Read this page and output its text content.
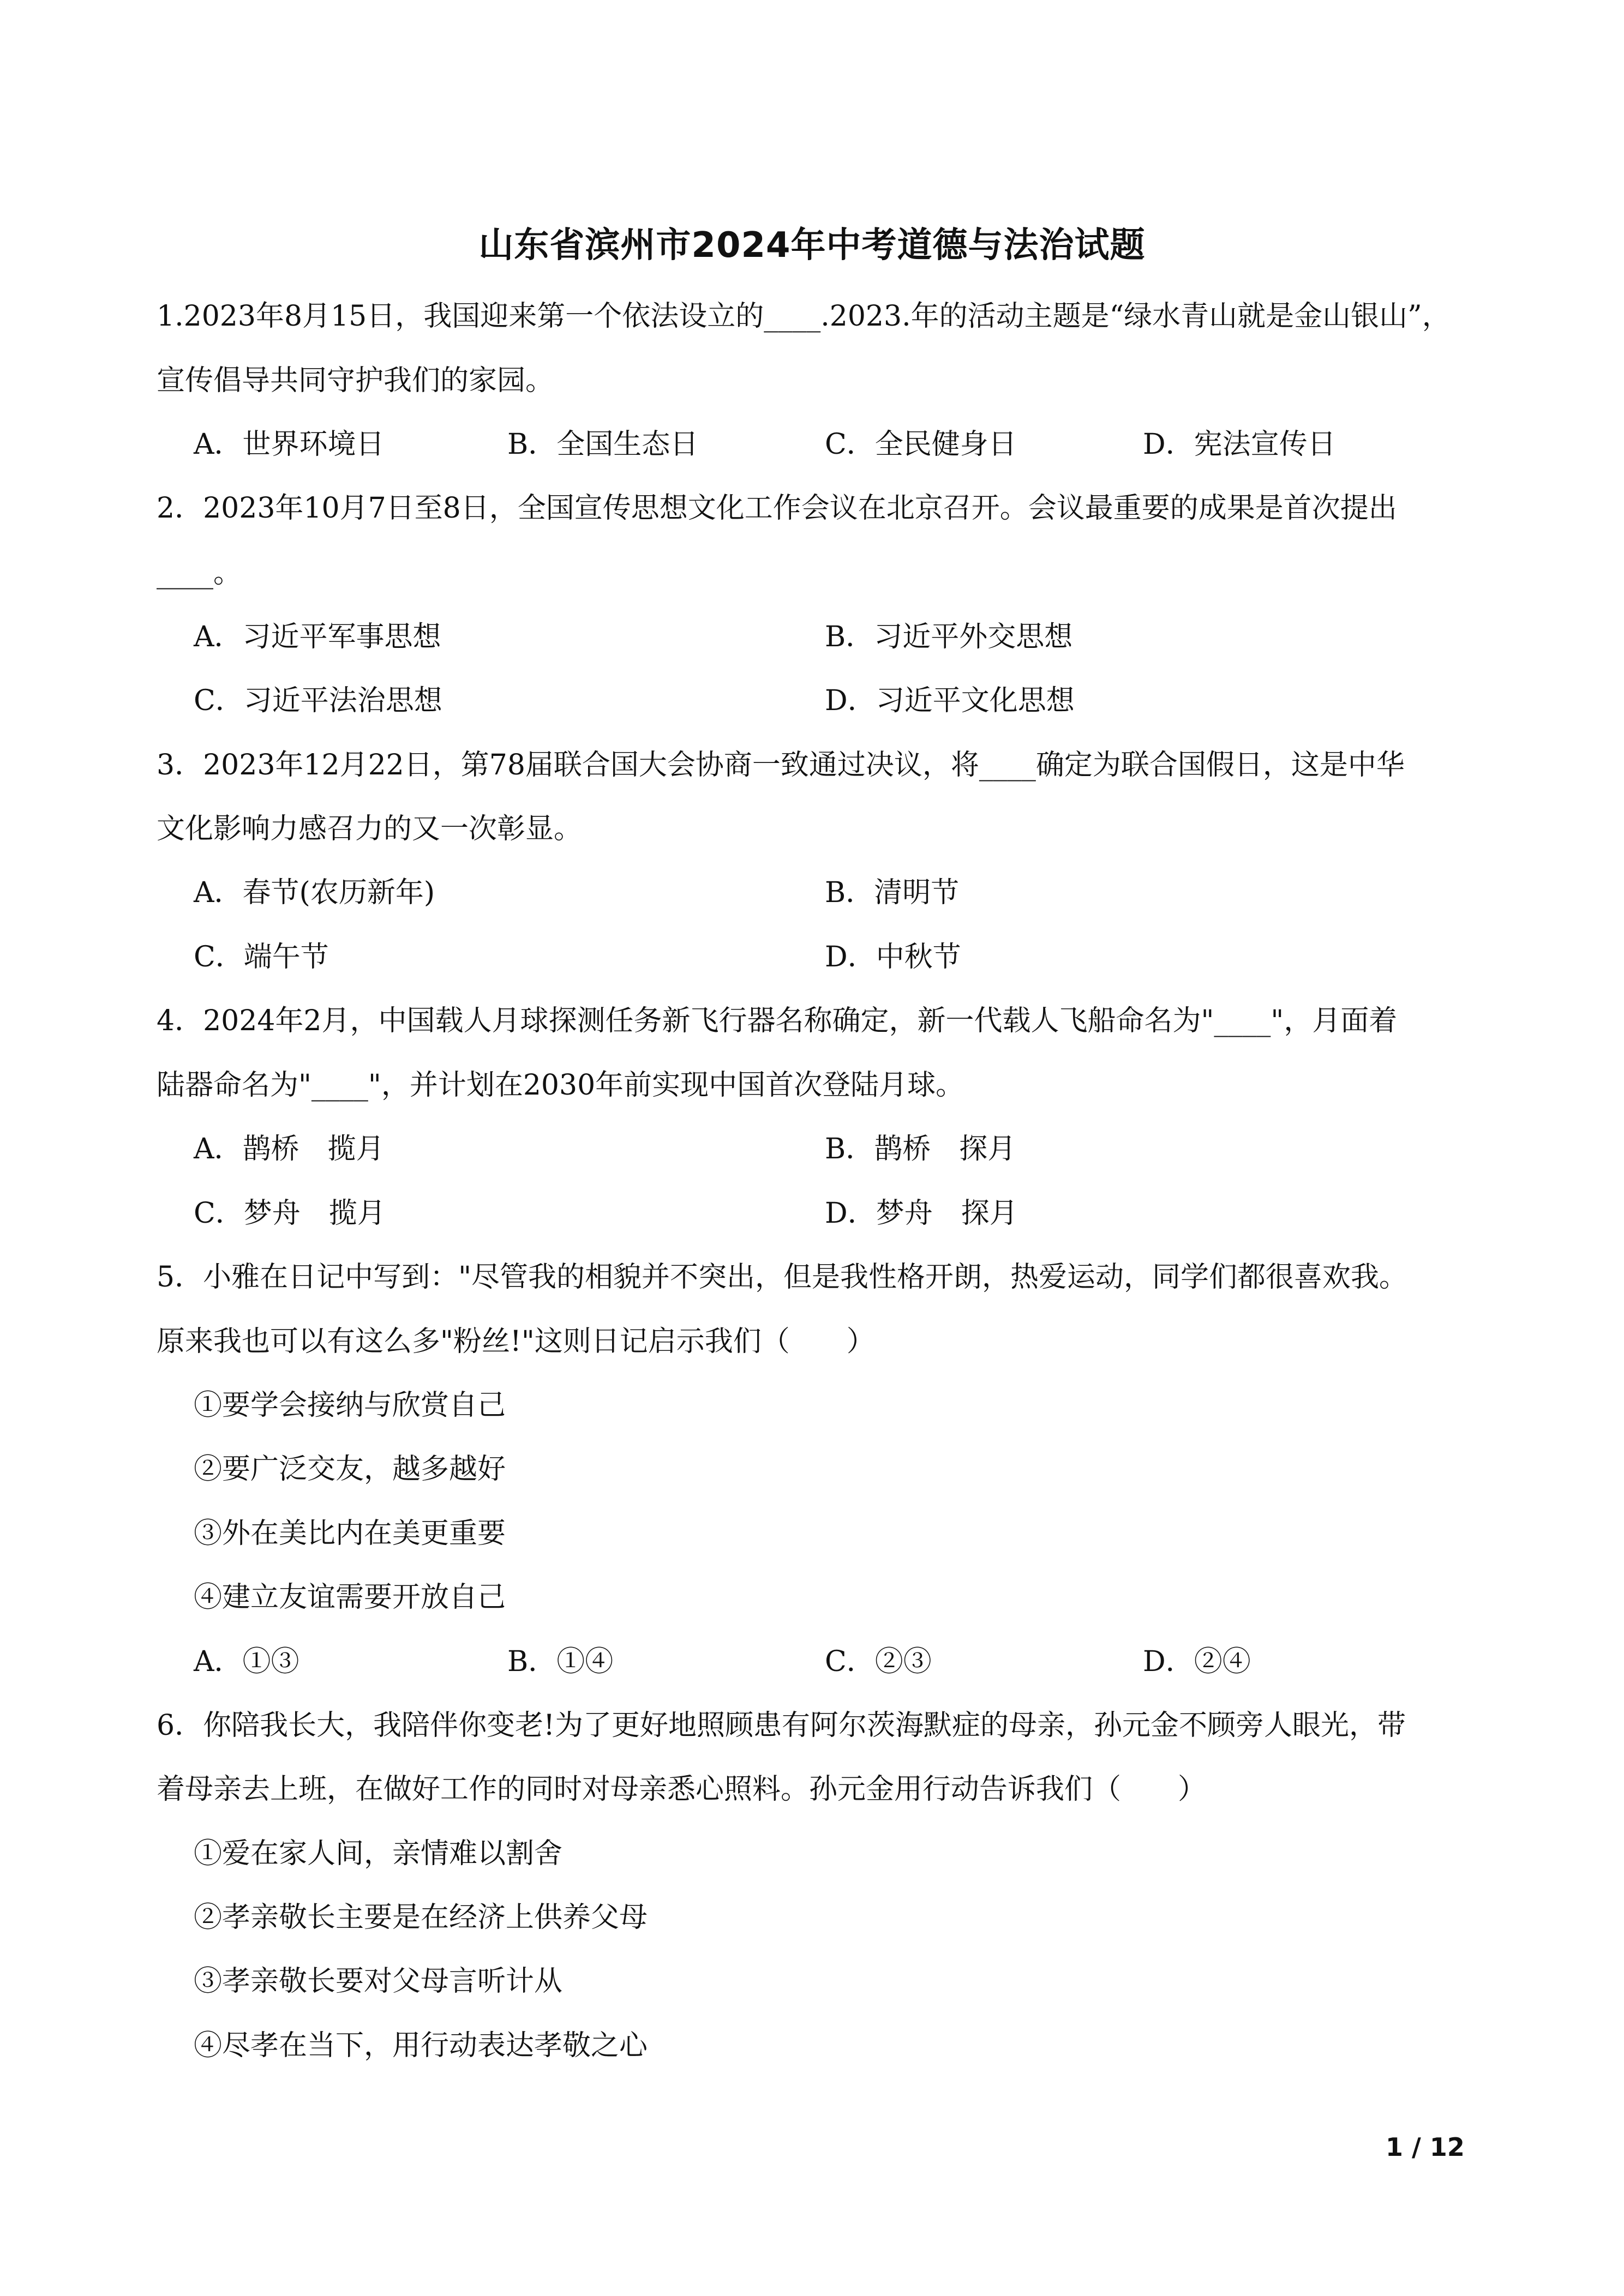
山东省滨州市2024年中考道德与法治试题
1.2023年8月15日，我国迎来第一个依法设立的____.2023.年的活动主题是“绿水青山就是金山银山”，
宣传倡导共同守护我们的家园。
A．世界环境日	B．全国生态日	C．全民健身日	D．宪法宣传日
2．2023年10月7日至8日，全国宣传思想文化工作会议在北京召开。会议最重要的成果是首次提出
____。
A．习近平军事思想	B．习近平外交思想
C．习近平法治思想	D．习近平文化思想
3．2023年12月22日，第78届联合国大会协商一致通过决议，将____确定为联合国假日，这是中华
文化影响力感召力的又一次彰显。
A．春节(农历新年)	B．清明节
C．端午节	D．中秋节
4．2024年2月，中国载人月球探测任务新飞行器名称确定，新一代载人飞船命名为"____"，月面着
陆器命名为"____"，并计划在2030年前实现中国首次登陆月球。
A．鹊桥　揽月	B．鹊桥　探月
C．梦舟　揽月	D．梦舟　探月
5．小雅在日记中写到："尽管我的相貌并不突出，但是我性格开朗，热爱运动，同学们都很喜欢我。
原来我也可以有这么多"粉丝!"这则日记启示我们（　　）
①要学会接纳与欣赏自己
②要广泛交友，越多越好
③外在美比内在美更重要
④建立友谊需要开放自己
A．①③	B．①④	C．②③	D．②④
6．你陪我长大，我陪伴你变老!为了更好地照顾患有阿尔茨海默症的母亲，孙元金不顾旁人眼光，带
着母亲去上班，在做好工作的同时对母亲悉心照料。孙元金用行动告诉我们（　　）
①爱在家人间，亲情难以割舍
②孝亲敬长主要是在经济上供养父母
③孝亲敬长要对父母言听计从
④尽孝在当下，用行动表达孝敬之心
1 / 12
